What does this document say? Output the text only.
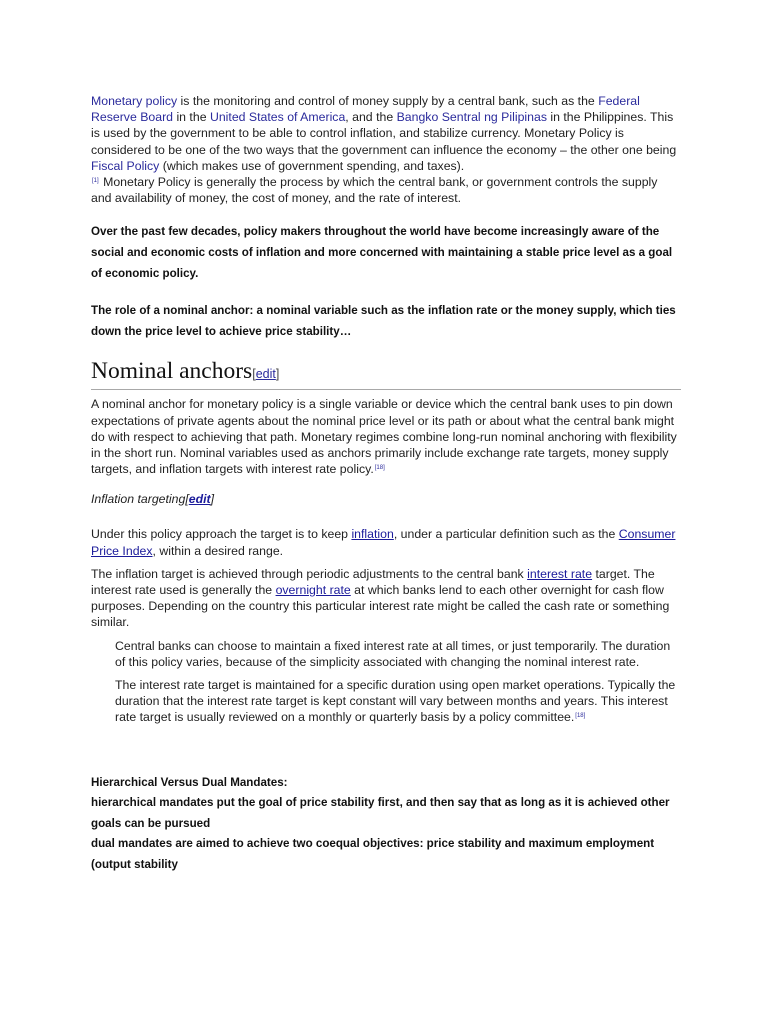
Monetary policy is the monitoring and control of money supply by a central bank, such as the Federal Reserve Board in the United States of America, and the Bangko Sentral ng Pilipinas in the Philippines. This is used by the government to be able to control inflation, and stabilize currency. Monetary Policy is considered to be one of the two ways that the government can influence the economy – the other one being Fiscal Policy (which makes use of government spending, and taxes).
[1] Monetary Policy is generally the process by which the central bank, or government controls the supply and availability of money, the cost of money, and the rate of interest.

Over the past few decades, policy makers throughout the world have become increasingly aware of the social and economic costs of inflation and more concerned with maintaining a stable price level as a goal of economic policy.

The role of a nominal anchor: a nominal variable such as the inflation rate or the money supply, which ties down the price level to achieve price stability…

Nominal anchors[edit]

A nominal anchor for monetary policy is a single variable or device which the central bank uses to pin down expectations of private agents about the nominal price level or its path or about what the central bank might do with respect to achieving that path. Monetary regimes combine long-run nominal anchoring with flexibility in the short run. Nominal variables used as anchors primarily include exchange rate targets, money supply targets, and inflation targets with interest rate policy.[18]

Inflation targeting[edit]

Under this policy approach the target is to keep inflation, under a particular definition such as the Consumer Price Index, within a desired range.

The inflation target is achieved through periodic adjustments to the central bank interest rate target. The interest rate used is generally the overnight rate at which banks lend to each other overnight for cash flow purposes. Depending on the country this particular interest rate might be called the cash rate or something similar.

Central banks can choose to maintain a fixed interest rate at all times, or just temporarily. The duration of this policy varies, because of the simplicity associated with changing the nominal interest rate.

The interest rate target is maintained for a specific duration using open market operations. Typically the duration that the interest rate target is kept constant will vary between months and years. This interest rate target is usually reviewed on a monthly or quarterly basis by a policy committee.[18]

Hierarchical Versus Dual Mandates:

hierarchical mandates put the goal of price stability first, and then say that as long as it is achieved other goals can be pursued

dual mandates are aimed to achieve two coequal objectives: price stability and maximum employment (output stability
